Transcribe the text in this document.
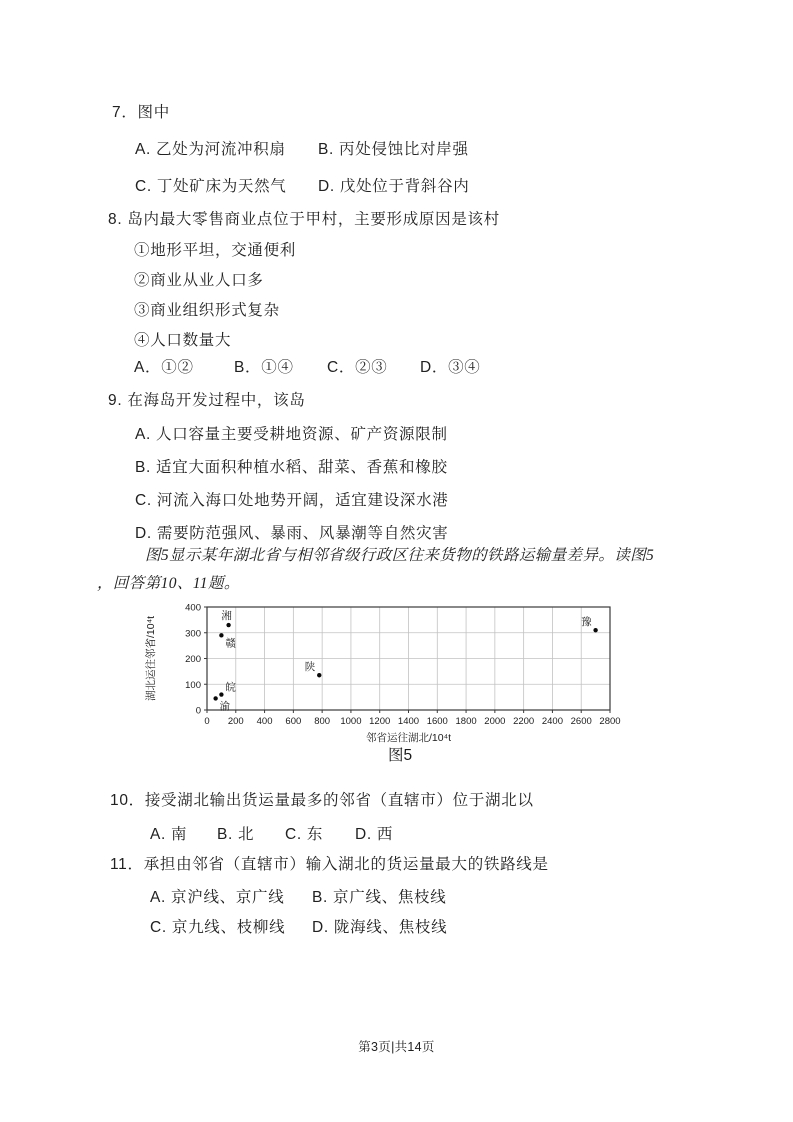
7．图中
A. 乙处为河流冲积扇 B. 丙处侵蚀比对岸强
C. 丁处矿床为天然气 D. 戊处位于背斜谷内
8. 岛内最大零售商业点位于甲村，主要形成原因是该村
①地形平坦，交通便利
②商业从业人口多
③商业组织形式复杂
④人口数量大
A．①②	B．①④ C．②③ D．③④
9. 在海岛开发过程中，该岛
A. 人口容量主要受耕地资源、矿产资源限制
B. 适宜大面积种植水稻、甜菜、香蕉和橡胶
C. 河流入海口处地势开阔，适宜建设深水港
D. 需要防范强风、暴雨、风暴潮等自然灾害
图5显示某年湖北省与相邻省级行政区往来货物的铁路运输量差异。读图5
，回答第10、11题。
0 200 400 600 800 1000 1200 1400 1600 1800 2000 2200 2400 2600 2800
0
100
200
300
400
邻省运往湖北/10⁴t
湖北运往邻省/10⁴t	湘
赣
皖
渝
陕
豫
图5
10．接受湖北输出货运量最多的邻省（直辖市）位于湖北以
A. 南 B. 北 C. 东 D. 西
11．承担由邻省（直辖市）输入湖北的货运量最大的铁路线是
A. 京沪线、京广线 B. 京广线、焦枝线
C. 京九线、枝柳线 D. 陇海线、焦枝线
第3页|共14页
